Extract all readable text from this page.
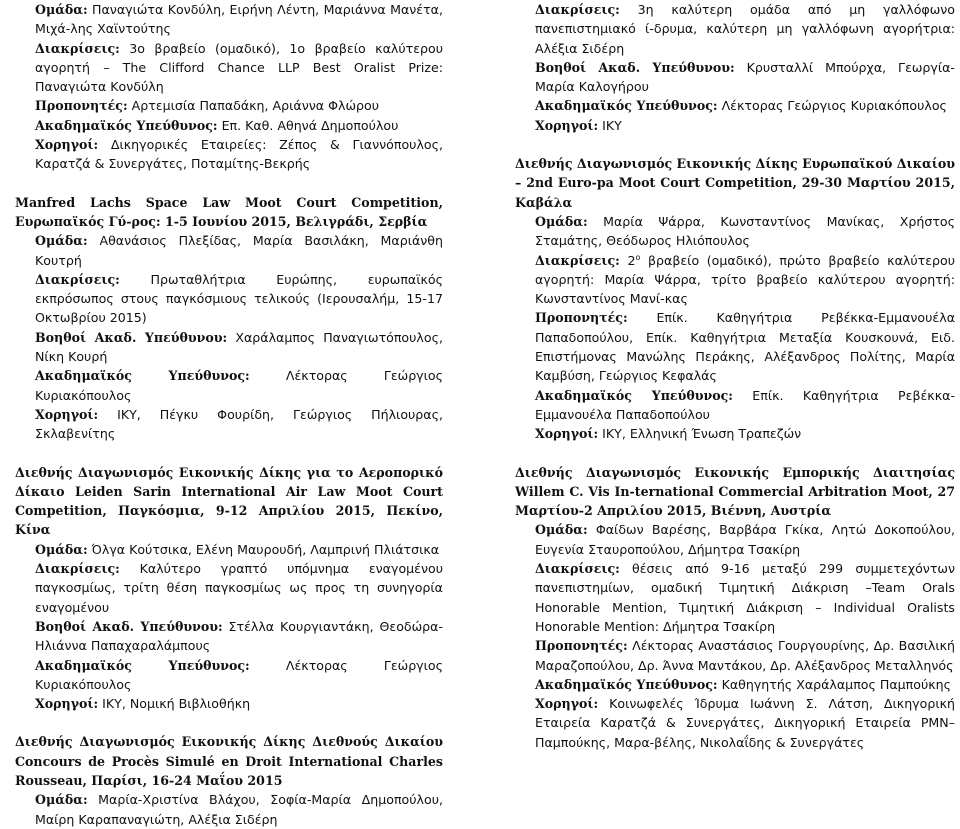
Ομάδα: Παναγιώτα Κονδύλη, Ειρήνη Λέντη, Μαριάννα Μανέτα, Μιχά-λης Χαϊντούτης

Διακρίσεις: 3ο βραβείο (ομαδικό), 1ο βραβείο καλύτερου αγορητή – The Clifford Chance LLP Best Oralist Prize: Παναγιώτα Κονδύλη

Προπονητές: Αρτεμισία Παπαδάκη, Αριάννα Φλώρου

Ακαδημαϊκός Υπεύθυνος: Επ. Καθ. Αθηνά Δημοπούλου

Χορηγοί: Δικηγορικές Εταιρείες: Ζέπος & Γιαννόπουλος, Καρατζά & Συνεργάτες, Ποταμίτης-Βεκρής

Manfred Lachs Space Law Moot Court Competition, Ευρωπαϊκός Γύ-ρος: 1-5 Ιουνίου 2015, Βελιγράδι, Σερβία

Ομάδα: Αθανάσιος Πλεξίδας, Μαρία Βασιλάκη, Μαριάνθη Κουτρή

Διακρίσεις: Πρωταθλήτρια Ευρώπης, ευρωπαϊκός εκπρόσωπος στους παγκόσμιους τελικούς (Ιερουσαλήμ, 15-17 Οκτωβρίου 2015)

Βοηθοί Ακαδ. Υπεύθυνου: Χαράλαμπος Παναγιωτόπουλος, Νίκη Κουρή

Ακαδημαϊκός Υπεύθυνος: Λέκτορας Γεώργιος Κυριακόπουλος

Χορηγοί: ΙΚΥ, Πέγκυ Φουρίδη, Γεώργιος Πήλιουρας, Σκλαβενίτης

Διεθνής Διαγωνισμός Εικονικής Δίκης για το Αεροπορικό Δίκαιο Leiden Sarin International Air Law Moot Court Competition, Παγκόσμια, 9-12 Απριλίου 2015, Πεκίνο, Κίνα

Ομάδα: Όλγα Κούτσικα, Ελένη Μαυρουδή, Λαμπρινή Πλιάτσικα

Διακρίσεις: Καλύτερο γραπτό υπόμνημα εναγομένου παγκοσμίως, τρίτη θέση παγκοσμίως ως προς τη συνηγορία εναγομένου

Βοηθοί Ακαδ. Υπεύθυνου: Στέλλα Κουργιαντάκη, Θεοδώρα-Ηλιάννα Παπαχαραλάμπους

Ακαδημαϊκός Υπεύθυνος: Λέκτορας Γεώργιος Κυριακόπουλος

Χορηγοί: ΙΚΥ, Νομική Βιβλιοθήκη

Διεθνής Διαγωνισμός Εικονικής Δίκης Διεθνούς Δικαίου Concours de Procès Simulé en Droit International Charles Rousseau, Παρίσι, 16-24 Μαΐου 2015

Ομάδα: Μαρία-Χριστίνα Βλάχου, Σοφία-Μαρία Δημοπούλου, Μαίρη Καραπαναγιώτη, Αλέξια Σιδέρη

Διακρίσεις: 3η καλύτερη ομάδα από μη γαλλόφωνο πανεπιστημιακό ί-δρυμα, καλύτερη μη γαλλόφωνη αγορήτρια: Αλέξια Σιδέρη

Βοηθοί Ακαδ. Υπεύθυνου: Κρυσταλλί Μπούρχα, Γεωργία-Μαρία Καλογήρου

Ακαδημαϊκός Υπεύθυνος: Λέκτορας Γεώργιος Κυριακόπουλος

Χορηγοί: ΙΚΥ

Διεθνής Διαγωνισμός Εικονικής Δίκης Ευρωπαϊκού Δικαίου – 2nd Euro-pa Moot Court Competition, 29-30 Μαρτίου 2015, Καβάλα

Ομάδα: Μαρία Ψάρρα, Κωνσταντίνος Μανίκας, Χρήστος Σταμάτης, Θεόδωρος Ηλιόπουλος

Διακρίσεις: $2^o$ βραβείο (ομαδικό), πρώτο βραβείο καλύτερου αγορητή: Μαρία Ψάρρα, τρίτο βραβείο καλύτερου αγορητή: Κωνσταντίνος Μανί-κας

Προπονητές: Επίκ. Καθηγήτρια Ρεβέκκα-Εμμανουέλα Παπαδοπούλου, Επίκ. Καθηγήτρια Μεταξία Κουσκουνά, Ειδ. Επιστήμονας Μανώλης Περάκης, Αλέξανδρος Πολίτης, Μαρία Καμβύση, Γεώργιος Κεφαλάς

Ακαδημαϊκός Υπεύθυνος: Επίκ. Καθηγήτρια Ρεβέκκα-Εμμανουέλα Παπαδοπούλου

Χορηγοί: ΙΚΥ, Ελληνική Ένωση Τραπεζών

Διεθνής Διαγωνισμός Εικονικής Εμπορικής Διαιτησίας Willem C. Vis In-ternational Commercial Arbitration Moot, 27 Μαρτίου-2 Απριλίου 2015, Βιέννη, Αυστρία

Ομάδα: Φαίδων Βαρέσης, Βαρβάρα Γκίκα, Λητώ Δοκοπούλου, Ευγενία Σταυροπούλου, Δήμητρα Τσακίρη

Διακρίσεις: θέσεις από 9-16 μεταξύ 299 συμμετεχόντων πανεπιστημίων, ομαδική Τιμητική Διάκριση –Team Orals Honorable Mention, Τιμητική Διάκριση – Individual Oralists Honorable Mention: Δήμητρα Τσακίρη

Προπονητές: Λέκτορας Αναστάσιος Γουργουρίνης, Δρ. Βασιλική Μαραζοπούλου, Δρ. Άννα Μαντάκου, Δρ. Αλέξανδρος Μεταλληνός

Ακαδημαϊκός Υπεύθυνος: Καθηγητής Χαράλαμπος Παμπούκης

Χορηγοί: Κοινωφελές Ίδρυμα Ιωάννη Σ. Λάτση, Δικηγορική Εταιρεία Καρατζά & Συνεργάτες, Δικηγορική Εταιρεία PMN–Παμπούκης, Μαρα-βέλης, Νικολαΐδης & Συνεργάτες
